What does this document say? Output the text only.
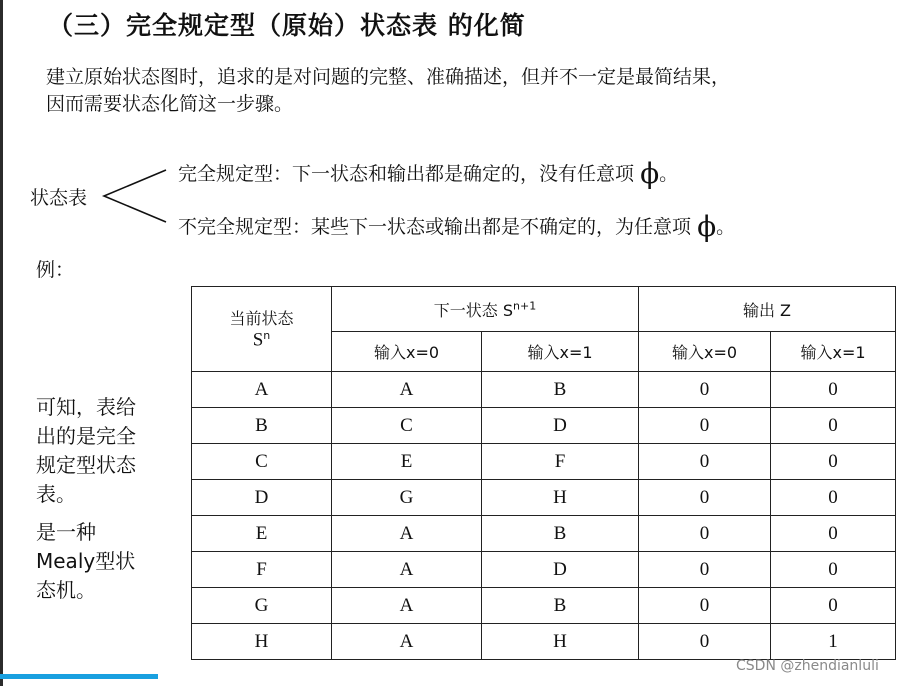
（三）完全规定型（原始）状态表 的化简
建立原始状态图时，追求的是对问题的完整、准确描述，但并不一定是最简结果，
因而需要状态化简这一步骤。
状态表
完全规定型：下一状态和输出都是确定的，没有任意项 ϕ。
不完全规定型：某些下一状态或输出都是不确定的，为任意项 ϕ。
例：
可知，表给出的是完全规定型状态表。
是一种Mealy型状态机。
当前状态
$S^n$	下一状态 $S^{n+1}$		输出 Z	
	输入x=0	输入x=1	输入x=0	输入x=1
A	A	B	0	0
B	C	D	0	0
C	E	F	0	0
D	G	H	0	0
E	A	B	0	0
F	A	D	0	0
G	A	B	0	0
H	A	H	0	1
CSDN @zhendianluli
